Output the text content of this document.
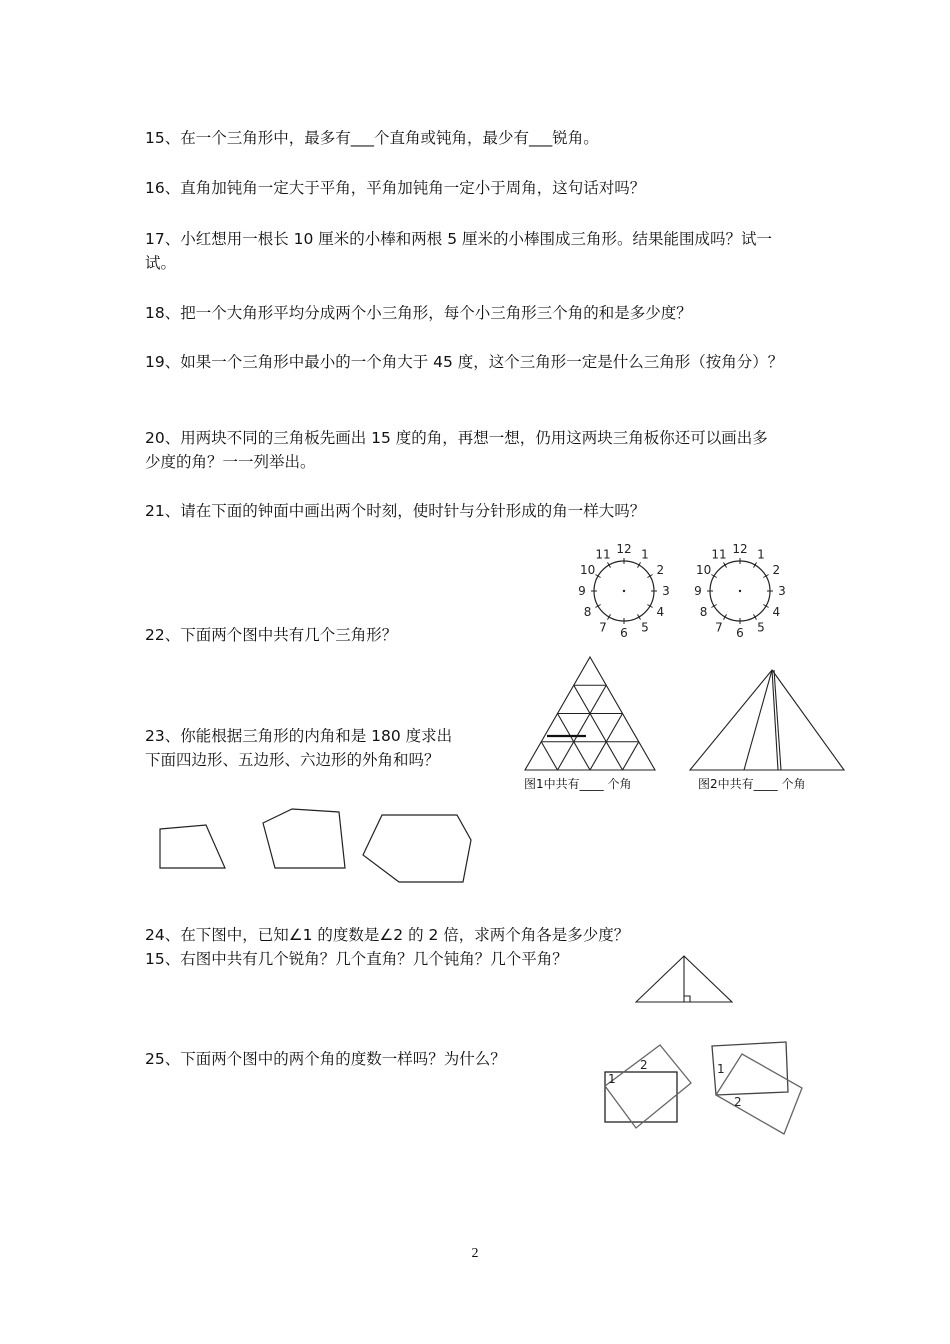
15、在一个三角形中，最多有___个直角或钝角，最少有___锐角。
16、直角加钝角一定大于平角，平角加钝角一定小于周角，这句话对吗？
17、小红想用一根长 10 厘米的小棒和两根 5 厘米的小棒围成三角形。结果能围成吗？试一
试。
18、把一个大角形平均分成两个小三角形，每个小三角形三个角的和是多少度？
19、如果一个三角形中最小的一个角大于 45 度，这个三角形一定是什么三角形（按角分）？
20、用两块不同的三角板先画出 15 度的角，再想一想，仍用这两块三角板你还可以画出多
少度的角？一一列举出。
21、请在下面的钟面中画出两个时刻，使时针与分针形成的角一样大吗？
22、下面两个图中共有几个三角形？
23、你能根据三角形的内角和是 180 度求出
下面四边形、五边形、六边形的外角和吗？
24、在下图中，已知∠1 的度数是∠2 的 2 倍，求两个角各是多少度？
15、右图中共有几个锐角？几个直角？几个钝角？几个平角？
25、下面两个图中的两个角的度数一样吗？为什么？
12 1
2
3
4
5
6
7
8
9
10
11	12 1
2
3
4
5
6
7
8
9
10
11
图1中共有____ 个角	图2中共有____ 个角
1
2	1
2
2
